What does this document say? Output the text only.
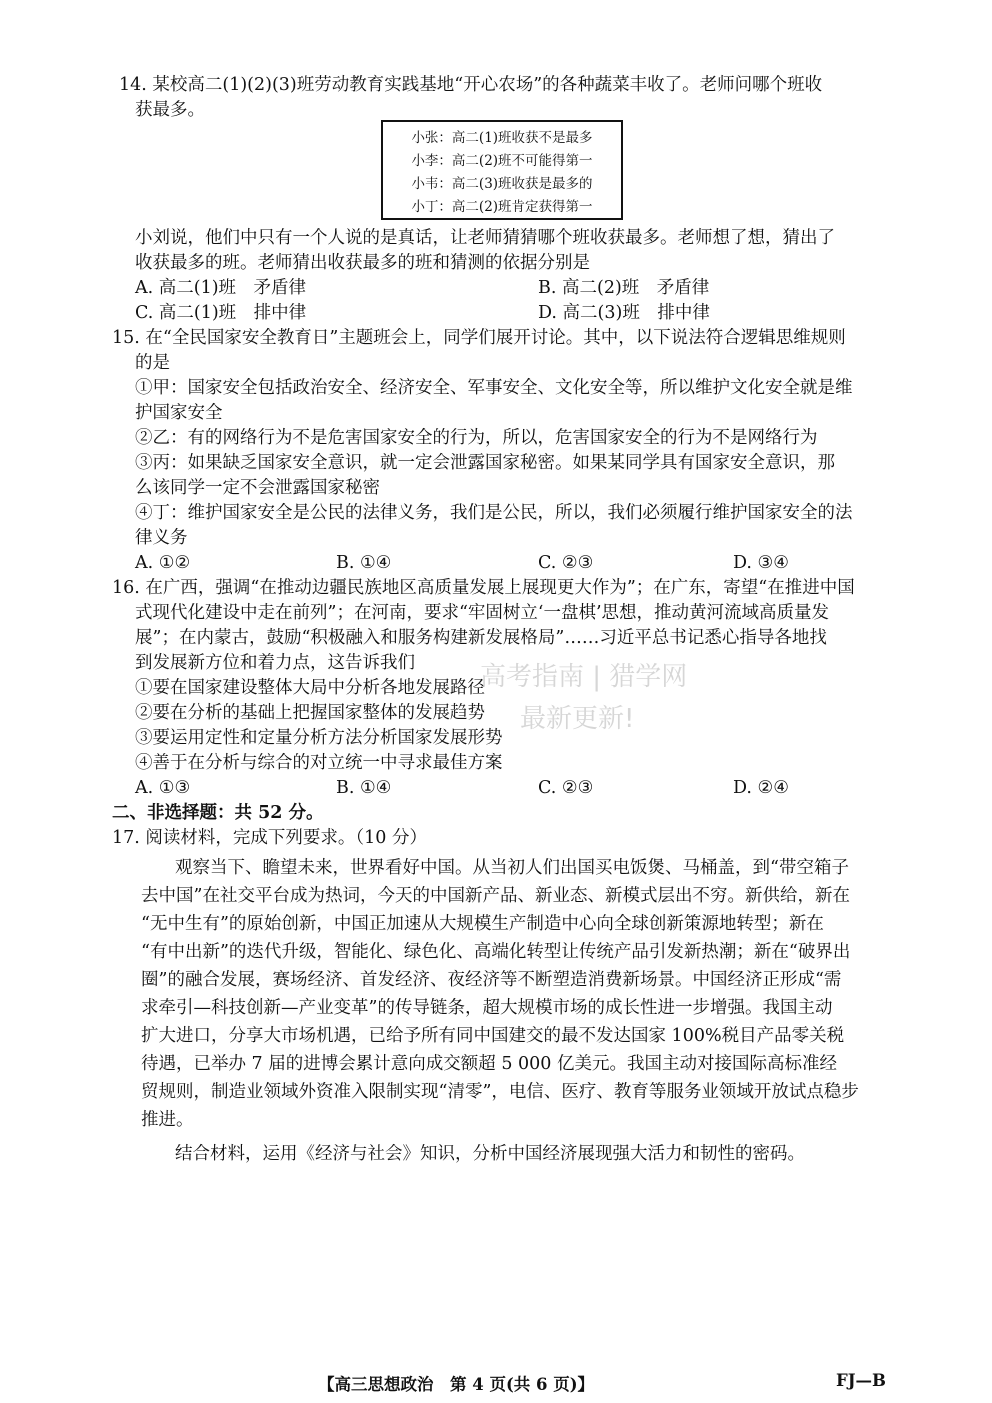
14. 某校高二(1)(2)(3)班劳动教育实践基地“开心农场”的各种蔬菜丰收了。老师问哪个班收
获最多。
小张：高二(1)班收获不是最多
小李：高二(2)班不可能得第一
小韦：高二(3)班收获是最多的
小丁：高二(2)班肯定获得第一
小刘说，他们中只有一个人说的是真话，让老师猜猜哪个班收获最多。老师想了想，猜出了
收获最多的班。老师猜出收获最多的班和猜测的依据分别是
A. 高二(1)班　矛盾律	B. 高二(2)班　矛盾律
C. 高二(1)班　排中律	D. 高二(3)班　排中律
15. 在“全民国家安全教育日”主题班会上，同学们展开讨论。其中，以下说法符合逻辑思维规则
的是
①甲：国家安全包括政治安全、经济安全、军事安全、文化安全等，所以维护文化安全就是维
护国家安全
②乙：有的网络行为不是危害国家安全的行为，所以，危害国家安全的行为不是网络行为
③丙：如果缺乏国家安全意识，就一定会泄露国家秘密。如果某同学具有国家安全意识，那
么该同学一定不会泄露国家秘密
④丁：维护国家安全是公民的法律义务，我们是公民，所以，我们必须履行维护国家安全的法
律义务
A. ①②	B. ①④	C. ②③	D. ③④
16. 在广西，强调“在推动边疆民族地区高质量发展上展现更大作为”；在广东，寄望“在推进中国
式现代化建设中走在前列”；在河南，要求“牢固树立‘一盘棋’思想，推动黄河流域高质量发
展”；在内蒙古，鼓励“积极融入和服务构建新发展格局”……习近平总书记悉心指导各地找
到发展新方位和着力点，这告诉我们
①要在国家建设整体大局中分析各地发展路径
②要在分析的基础上把握国家整体的发展趋势
③要运用定性和定量分析方法分析国家发展形势
④善于在分析与综合的对立统一中寻求最佳方案
A. ①③	B. ①④	C. ②③	D. ②④
高考指南 | 猎学网
最新更新!
二、非选择题：共 52 分。
17. 阅读材料，完成下列要求。（10 分）
观察当下、瞻望未来，世界看好中国。从当初人们出国买电饭煲、马桶盖，到“带空箱子
去中国”在社交平台成为热词，今天的中国新产品、新业态、新模式层出不穷。新供给，新在
“无中生有”的原始创新，中国正加速从大规模生产制造中心向全球创新策源地转型；新在
“有中出新”的迭代升级，智能化、绿色化、高端化转型让传统产品引发新热潮；新在“破界出
圈”的融合发展，赛场经济、首发经济、夜经济等不断塑造消费新场景。中国经济正形成“需
求牵引—科技创新—产业变革”的传导链条，超大规模市场的成长性进一步增强。我国主动
扩大进口，分享大市场机遇，已给予所有同中国建交的最不发达国家 100%税目产品零关税
待遇，已举办 7 届的进博会累计意向成交额超 5 000 亿美元。我国主动对接国际高标准经
贸规则，制造业领域外资准入限制实现“清零”，电信、医疗、教育等服务业领域开放试点稳步
推进。
结合材料，运用《经济与社会》知识，分析中国经济展现强大活力和韧性的密码。
【高三思想政治　第 4 页(共 6 页)】	FJ—B
